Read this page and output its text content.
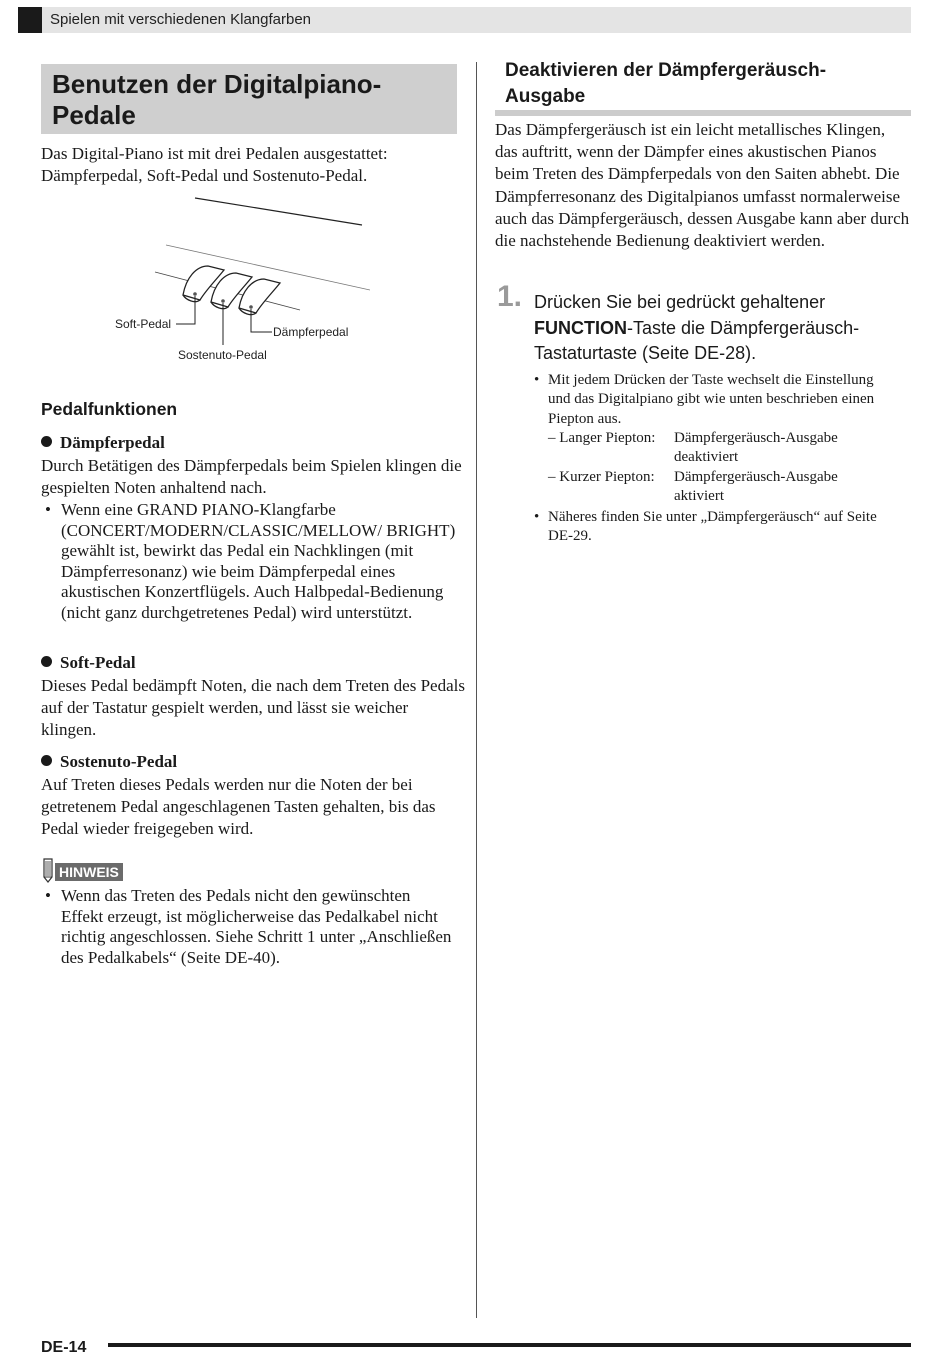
Spielen mit verschiedenen Klangfarben
Benutzen der Digitalpiano-
Pedale
Das Digital-Piano ist mit drei Pedalen ausgestattet: Dämpferpedal, Soft-Pedal und Sostenuto-Pedal.
Soft-Pedal
Sostenuto-Pedal
Dämpferpedal
Pedalfunktionen
Dämpferpedal
Durch Betätigen des Dämpferpedals beim Spielen klingen die gespielten Noten anhaltend nach.
• Wenn eine GRAND PIANO-Klangfarbe (CONCERT/MODERN/CLASSIC/MELLOW/ BRIGHT) gewählt ist, bewirkt das Pedal ein Nachklingen (mit Dämpferresonanz) wie beim Dämpferpedal eines akustischen Konzertflügels. Auch Halbpedal-Bedienung (nicht ganz durchgetretenes Pedal) wird unterstützt.
Soft-Pedal
Dieses Pedal bedämpft Noten, die nach dem Treten des Pedals auf der Tastatur gespielt werden, und lässt sie weicher klingen.
Sostenuto-Pedal
Auf Treten dieses Pedals werden nur die Noten der bei getretenem Pedal angeschlagenen Tasten gehalten, bis das Pedal wieder freigegeben wird.
HINWEIS
• Wenn das Treten des Pedals nicht den gewünschten Effekt erzeugt, ist möglicherweise das Pedalkabel nicht richtig angeschlossen. Siehe Schritt 1 unter „Anschließen des Pedalkabels“ (Seite DE-40).
Deaktivieren der Dämpfergeräusch-Ausgabe
Das Dämpfergeräusch ist ein leicht metallisches Klingen, das auftritt, wenn der Dämpfer eines akustischen Pianos beim Treten des Dämpferpedals von den Saiten abhebt. Die Dämpferresonanz des Digitalpianos umfasst normalerweise auch das Dämpfergeräusch, dessen Ausgabe kann aber durch die nachstehende Bedienung deaktiviert werden.
1. Drücken Sie bei gedrückt gehaltener FUNCTION-Taste die Dämpfergeräusch-Tastaturtaste (Seite DE-28).
• Mit jedem Drücken der Taste wechselt die Einstellung und das Digitalpiano gibt wie unten beschrieben einen Piepton aus.
– Langer Piepton: Dämpfergeräusch-Ausgabe deaktiviert
– Kurzer Piepton: Dämpfergeräusch-Ausgabe aktiviert
• Näheres finden Sie unter „Dämpfergeräusch“ auf Seite DE-29.
DE-14
